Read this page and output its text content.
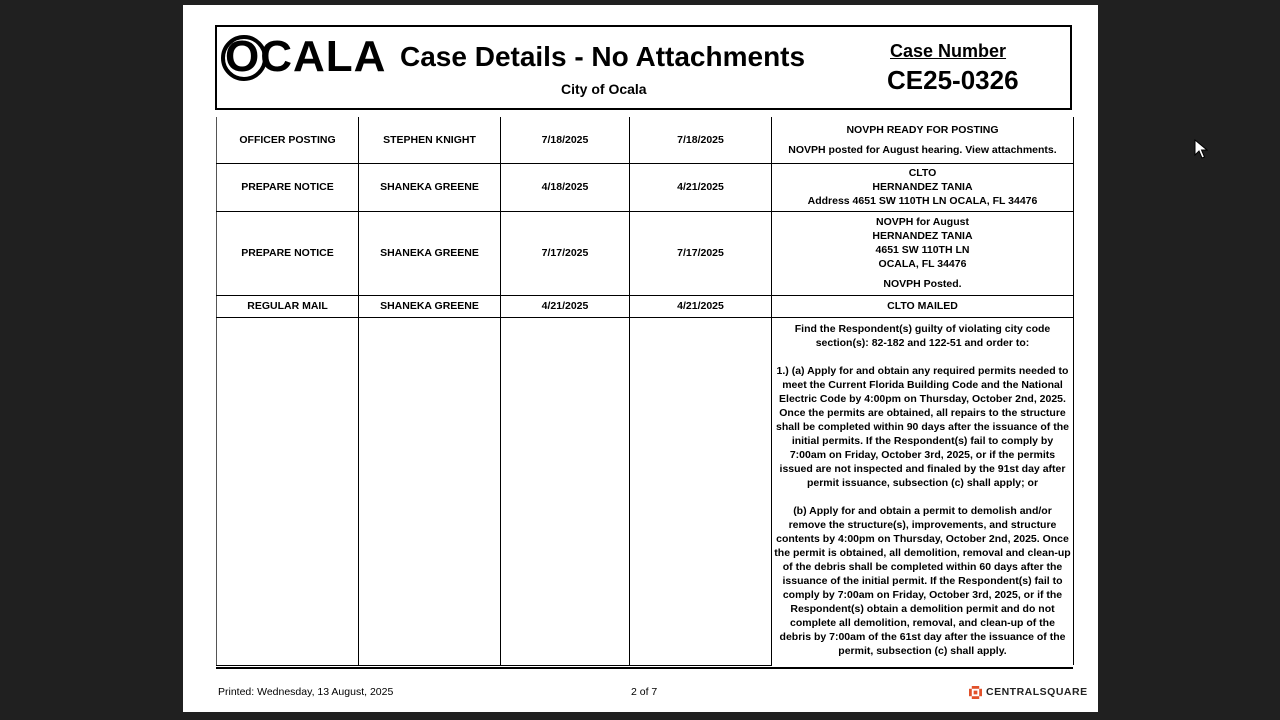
OCALA Case Details - No Attachments
City of Ocala
Case Number
CE25-0326
OFFICER POSTING	STEPHEN KNIGHT	7/18/2025	7/18/2025	NOVPH READY FOR POSTING
NOVPH posted for August hearing. View attachments.

PREPARE NOTICE	SHANEKA GREENE	4/18/2025	4/21/2025	CLTO
HERNANDEZ TANIA
Address 4651 SW 110TH LN OCALA, FL 34476

PREPARE NOTICE	SHANEKA GREENE	7/17/2025	7/17/2025	NOVPH for August
HERNANDEZ TANIA
4651 SW 110TH LN
OCALA, FL 34476
NOVPH Posted.

REGULAR MAIL	SHANEKA GREENE	4/21/2025	4/21/2025	CLTO MAILED

				Find the Respondent(s) guilty of violating city code section(s): 82-182 and 122-51 and order to:

1.) (a) Apply for and obtain any required permits needed to meet the Current Florida Building Code and the National Electric Code by 4:00pm on Thursday, October 2nd, 2025. Once the permits are obtained, all repairs to the structure shall be completed within 90 days after the issuance of the initial permits. If the Respondent(s) fail to comply by 7:00am on Friday, October 3rd, 2025, or if the permits issued are not inspected and finaled by the 91st day after permit issuance, subsection (c) shall apply; or

(b) Apply for and obtain a permit to demolish and/or remove the structure(s), improvements, and structure contents by 4:00pm on Thursday, October 2nd, 2025. Once the permit is obtained, all demolition, removal and clean-up of the debris shall be completed within 60 days after the issuance of the initial permit. If the Respondent(s) fail to comply by 7:00am on Friday, October 3rd, 2025, or if the Respondent(s) obtain a demolition permit and do not complete all demolition, removal, and clean-up of the debris by 7:00am of the 61st day after the issuance of the permit, subsection (c) shall apply.
Printed: Wednesday, 13 August, 2025	2 of 7	CENTRALSQUARE
